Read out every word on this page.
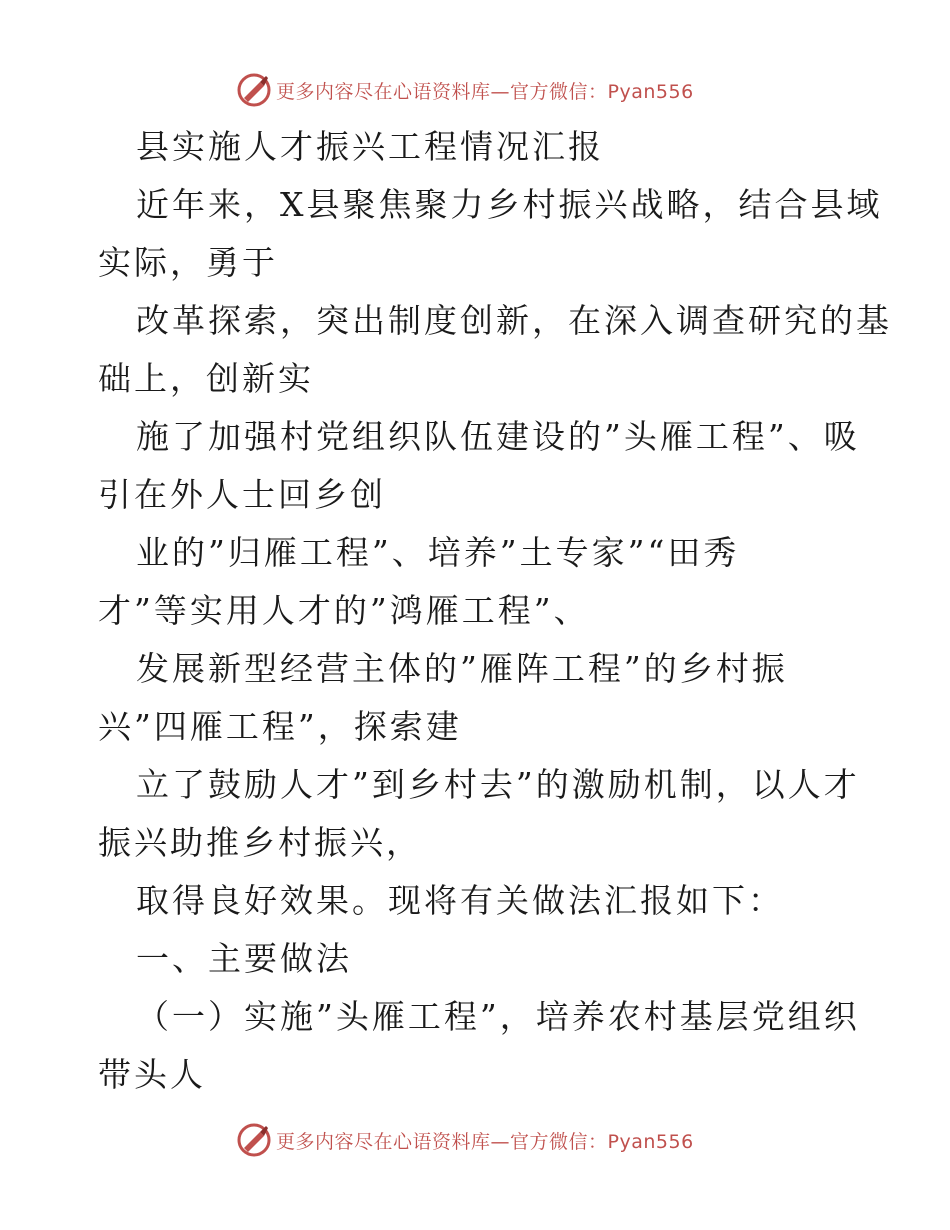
更多内容尽在心语资料库—官方微信：Pyan556
县实施人才振兴工程情况汇报
近年来，X县聚焦聚力乡村振兴战略，结合县域
实际，勇于
改革探索，突出制度创新，在深入调查研究的基
础上，创新实
施了加强村党组织队伍建设的”头雁工程”、吸
引在外人士回乡创
业的”归雁工程”、培养”土专家”“田秀
才”等实用人才的”鸿雁工程”、
发展新型经营主体的”雁阵工程”的乡村振
兴”四雁工程”，探索建
立了鼓励人才”到乡村去”的激励机制，以人才
振兴助推乡村振兴，
取得良好效果。现将有关做法汇报如下：
一、主要做法
（一）实施”头雁工程”，培养农村基层党组织
带头人
更多内容尽在心语资料库—官方微信：Pyan556
